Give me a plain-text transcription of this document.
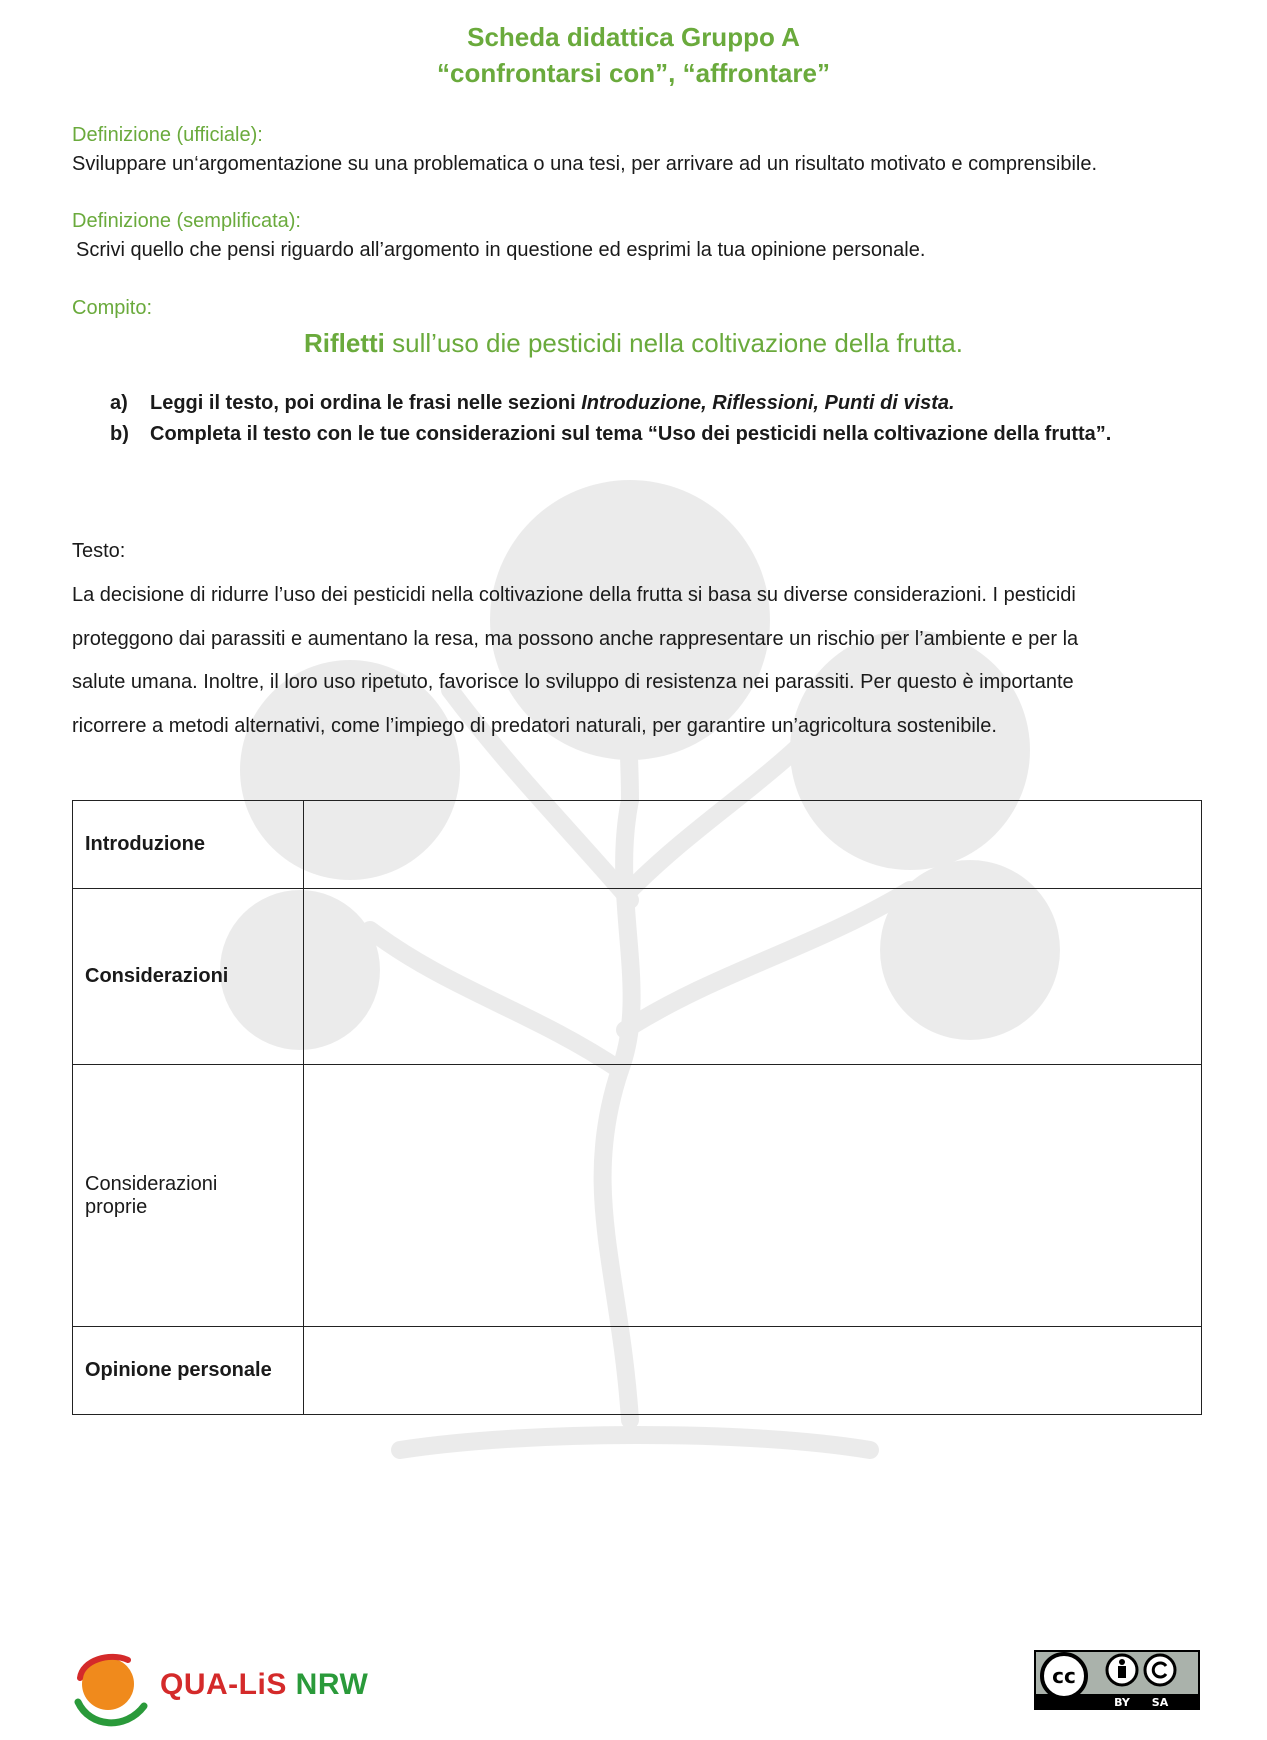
Scheda didattica Gruppo A
“confrontarsi con”, “affrontare”
Definizione (ufficiale):
Sviluppare un‘argomentazione su una problematica o una tesi, per arrivare ad un risultato motivato e comprensibile.
Definizione (semplificata):
Scrivi quello che pensi riguardo all’argomento in questione ed esprimi la tua opinione personale.
Compito:
Rifletti sull’uso die pesticidi nella coltivazione della frutta.
a) Leggi il testo, poi ordina le frasi nelle sezioni Introduzione, Riflessioni, Punti di vista.
b) Completa il testo con le tue considerazioni sul tema “Uso dei pesticidi nella coltivazione della frutta”.
Testo:
La decisione di ridurre l’uso dei pesticidi nella coltivazione della frutta si basa su diverse considerazioni. I pesticidi
proteggono dai parassiti e aumentano la resa, ma possono anche rappresentare un rischio per l’ambiente e per la
salute umana. Inoltre, il loro uso ripetuto, favorisce lo sviluppo di resistenza nei parassiti. Per questo è importante
ricorrere a metodi alternativi, come l’impiego di predatori naturali, per garantire un’agricoltura sostenibile.
Introduzione	
Considerazioni	

Considerazioni
proprie	

Opinione personale	
QUA-LiS NRW	cc
BY SA
